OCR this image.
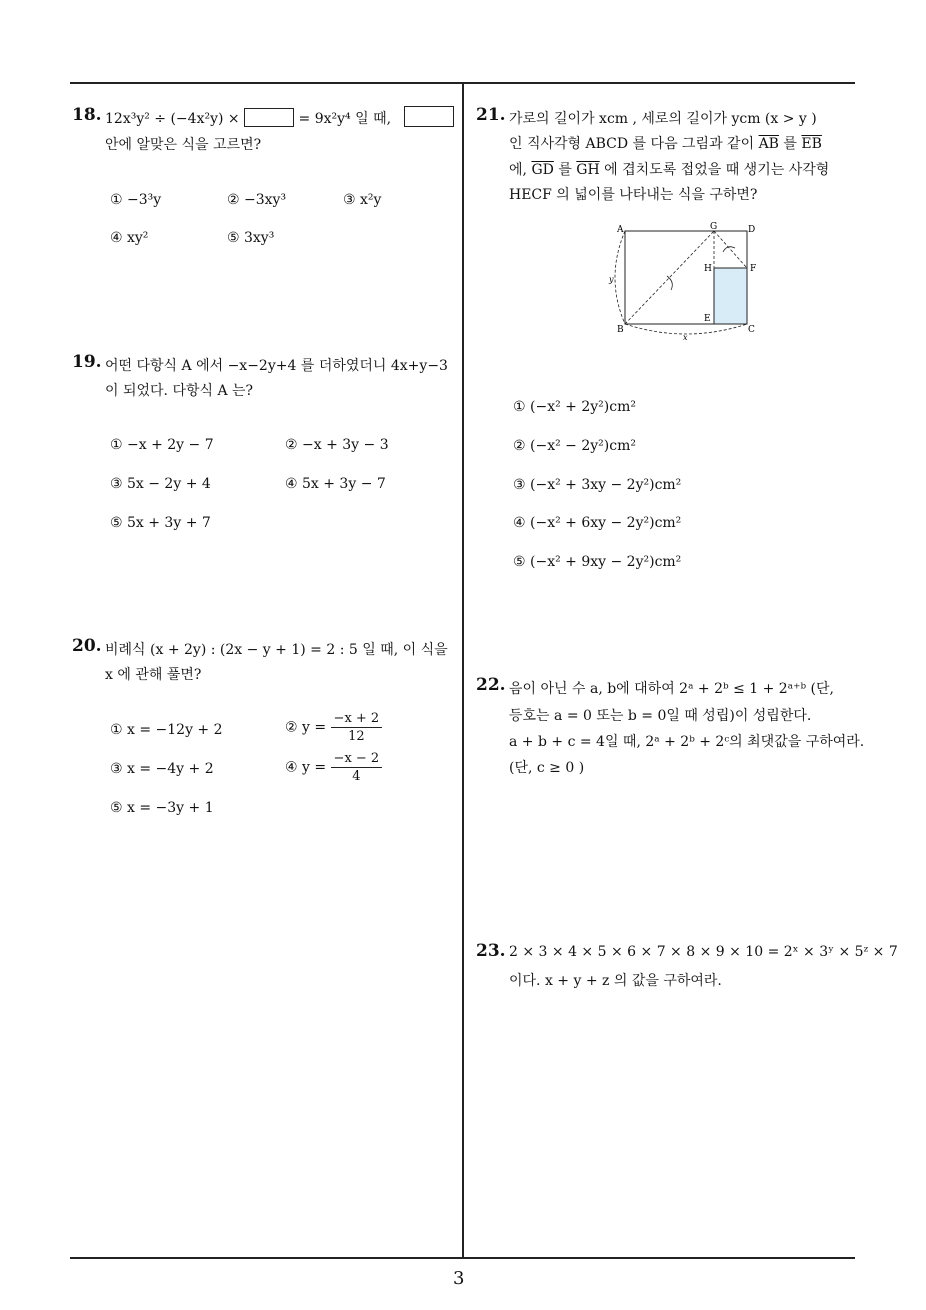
18. 12x³y² ÷ (−4x²y) ×	= 9x²y⁴ 일 때,
안에 알맞은 식을 고르면?
① −3³y	② −3xy³	③ x²y
④ xy²	⑤ 3xy³
19. 어떤 다항식 A 에서 −x−2y+4 를 더하였더니 4x+y−3
이 되었다. 다항식 A 는?
① −x + 2y − 7	② −x + 3y − 3
③ 5x − 2y + 4	④ 5x + 3y − 7
⑤ 5x + 3y + 7
20. 비례식 (x + 2y) : (2x − y + 1) = 2 : 5 일 때, 이 식을
x 에 관해 풀면?
① x = −12y + 2	② $y = \frac{-x + 2}{12}$
③ x = −4y + 2	④ $y = \frac{-x - 2}{4}$
⑤ x = −3y + 1
21. 가로의 길이가 xcm , 세로의 길이가 ycm (x > y )
인 직사각형 ABCD 를 다음 그림과 같이 $\overline{AB}$ 를 $\overline{EB}$
에, $\overline{GD}$ 를 $\overline{GH}$ 에 겹치도록 접었을 때 생기는 사각형
HECF 의 넓이를 나타내는 식을 구하면?
A	G	D
H	F
E
B	C
y
x
① (−x² + 2y²)cm²
② (−x² − 2y²)cm²
③ (−x² + 3xy − 2y²)cm²
④ (−x² + 6xy − 2y²)cm²
⑤ (−x² + 9xy − 2y²)cm²
22. 음이 아닌 수 a, b에 대하여 2ᵃ + 2ᵇ ≤ 1 + 2ᵃ⁺ᵇ (단,
등호는 a = 0 또는 b = 0일 때 성립)이 성립한다.
a + b + c = 4일 때, 2ᵃ + 2ᵇ + 2ᶜ의 최댓값을 구하여라.
(단, c ≥ 0 )
23. 2 × 3 × 4 × 5 × 6 × 7 × 8 × 9 × 10 = 2ˣ × 3ʸ × 5ᶻ × 7
이다. x + y + z 의 값을 구하여라.
3
